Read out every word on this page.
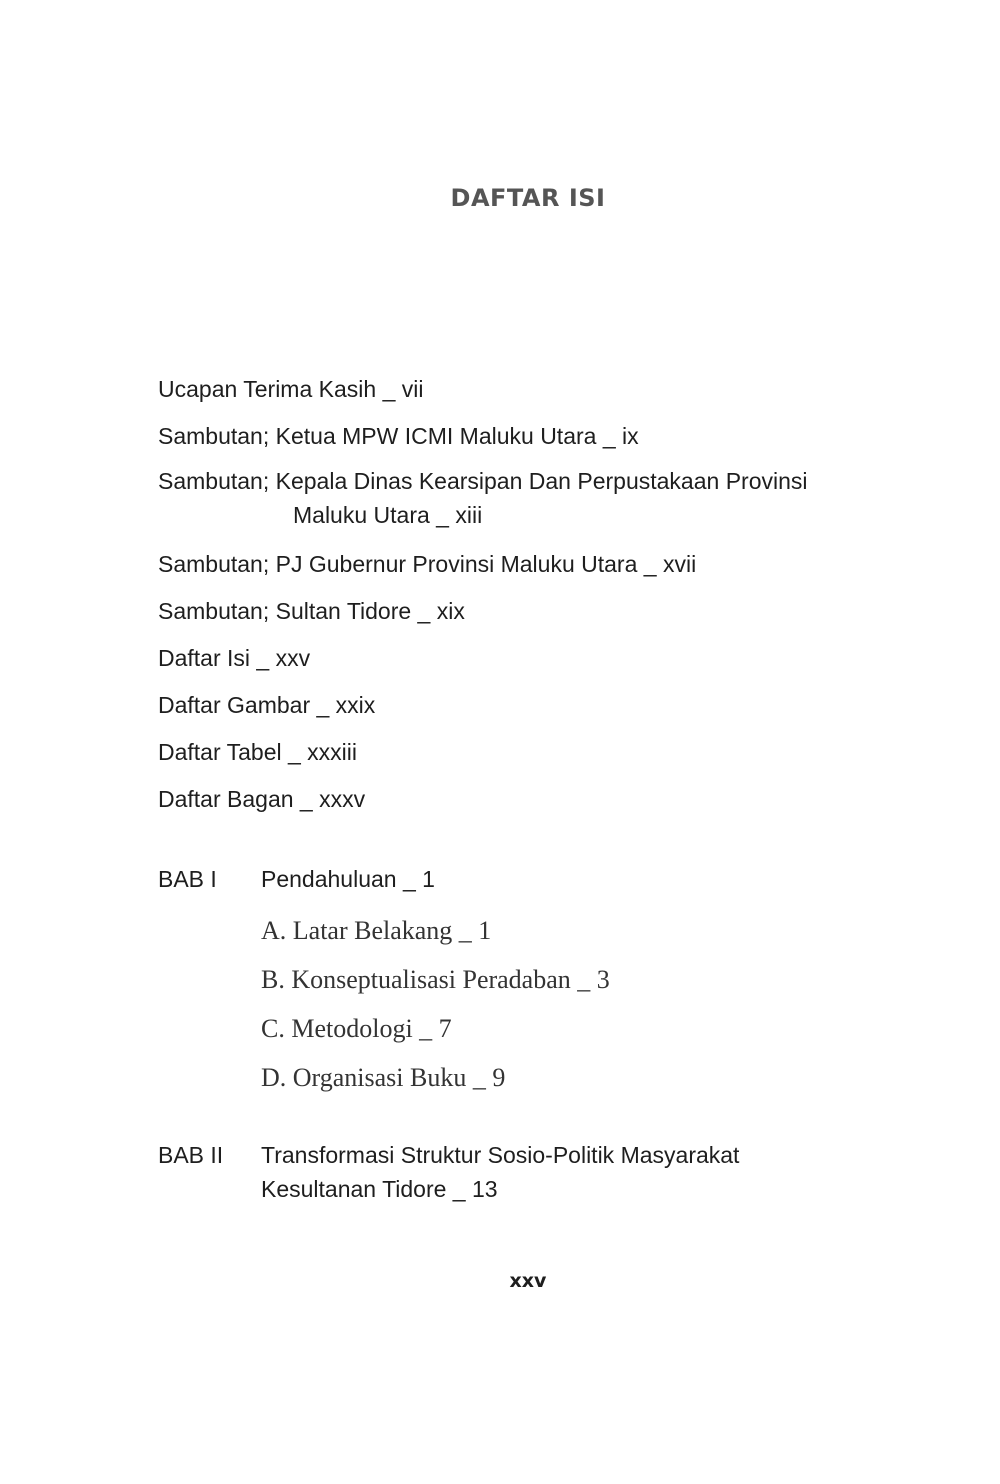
DAFTAR ISI
Ucapan Terima Kasih _ vii
Sambutan; Ketua MPW ICMI Maluku Utara _ ix
Sambutan; Kepala Dinas Kearsipan Dan Perpustakaan Provinsi
Maluku Utara _ xiii
Sambutan; PJ Gubernur Provinsi Maluku Utara _ xvii
Sambutan; Sultan Tidore _ xix
Daftar Isi _ xxv
Daftar Gambar _ xxix
Daftar Tabel _ xxxiii
Daftar Bagan _ xxxv
BAB I	Pendahuluan _ 1
A. Latar Belakang _ 1
B. Konseptualisasi Peradaban _ 3
C. Metodologi _ 7
D. Organisasi Buku _ 9
BAB II	Transformasi Struktur Sosio-Politik Masyarakat
Kesultanan Tidore _ 13
xxv
